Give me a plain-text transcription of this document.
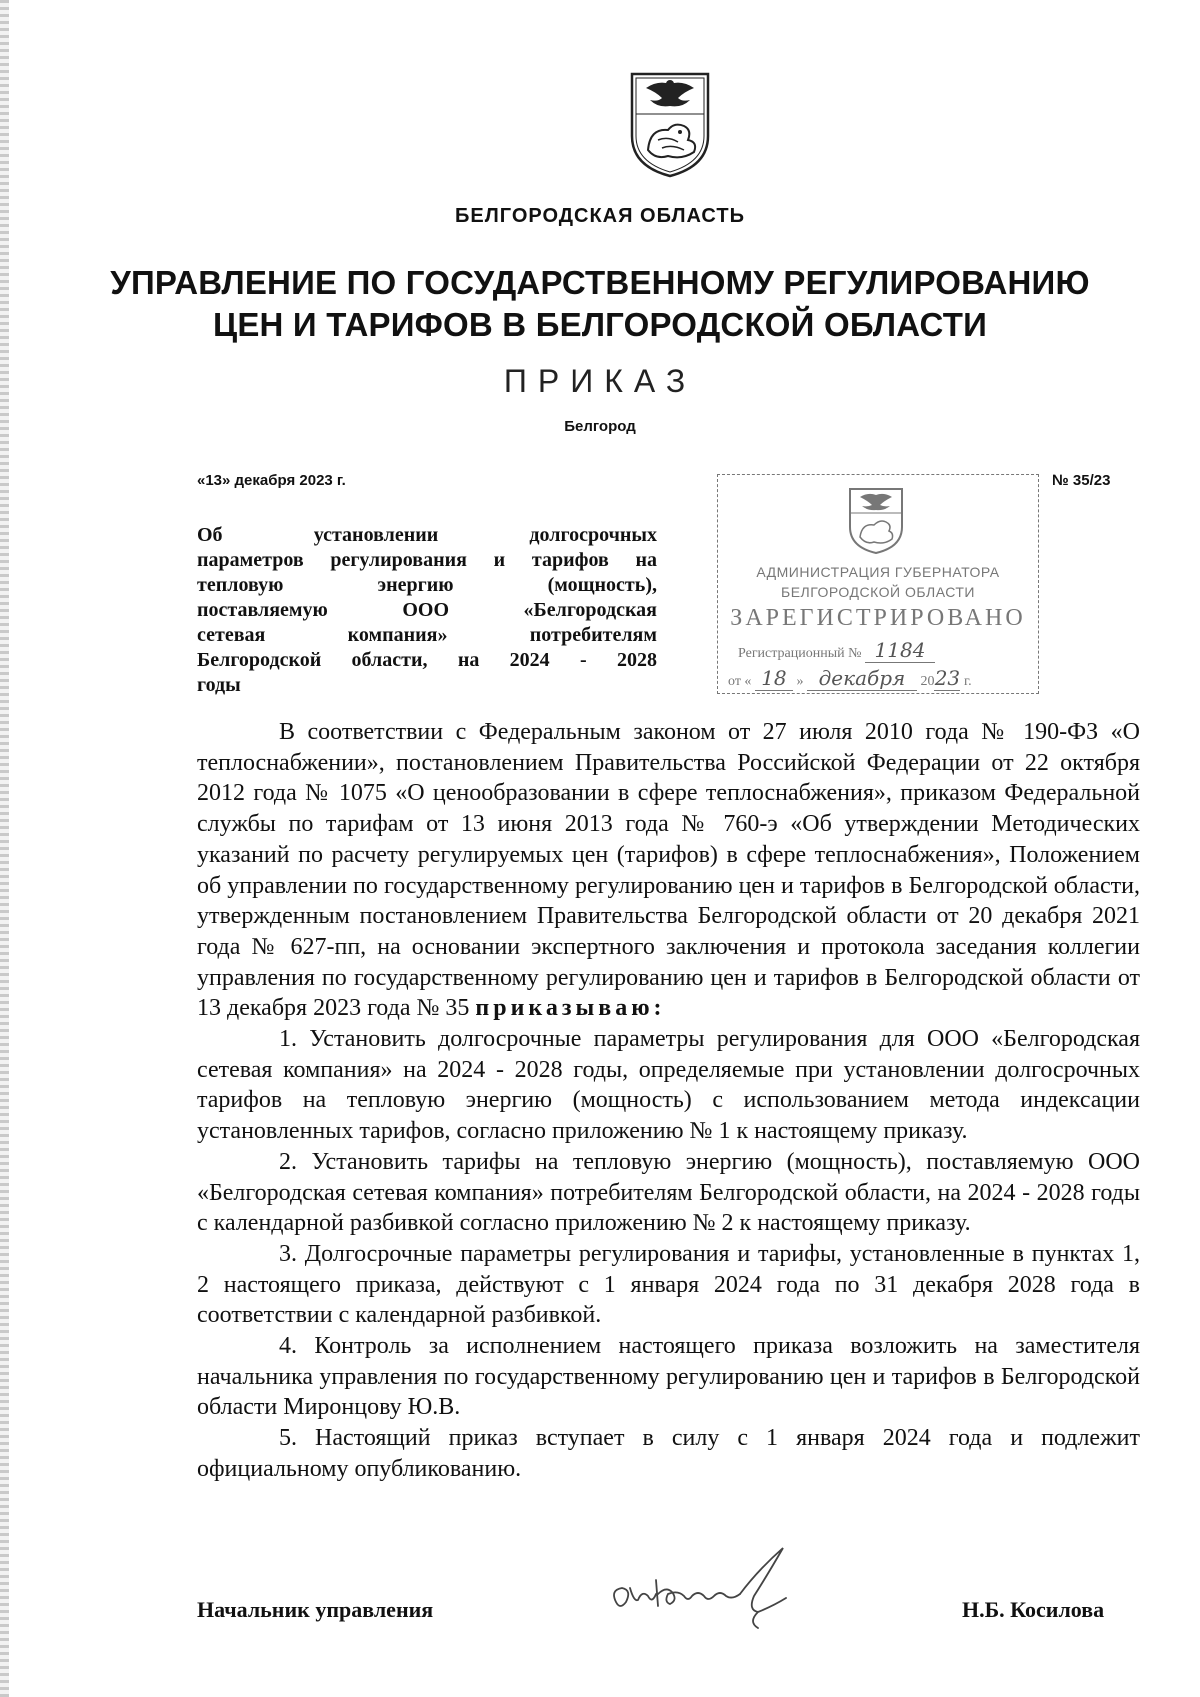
БЕЛГОРОДСКАЯ ОБЛАСТЬ
УПРАВЛЕНИЕ ПО ГОСУДАРСТВЕННОМУ РЕГУЛИРОВАНИЮ
ЦЕН И ТАРИФОВ В БЕЛГОРОДСКОЙ ОБЛАСТИ
ПРИКАЗ
Белгород
«13» декабря 2023 г.	№ 35/23
АДМИНИСТРАЦИЯ ГУБЕРНАТОРА
БЕЛГОРОДСКОЙ ОБЛАСТИ
ЗАРЕГИСТРИРОВАНО
Регистрационный № 1184
от « 18 » декабря 2023 г.
Об установлении долгосрочных
параметров регулирования и тарифов на
тепловую энергию (мощность),
поставляемую ООО «Белгородская
сетевая компания» потребителям
Белгородской области, на 2024 - 2028
годы

В соответствии с Федеральным законом от 27 июля 2010 года № 190-ФЗ «О теплоснабжении», постановлением Правительства Российской Федерации от 22 октября 2012 года № 1075 «О ценообразовании в сфере теплоснабжения», приказом Федеральной службы по тарифам от 13 июня 2013 года № 760-э «Об утверждении Методических указаний по расчету регулируемых цен (тарифов) в сфере теплоснабжения», Положением об управлении по государственному регулированию цен и тарифов в Белгородской области, утвержденным постановлением Правительства Белгородской области от 20 декабря 2021 года № 627-пп, на основании экспертного заключения и протокола заседания коллегии управления по государственному регулированию цен и тарифов в Белгородской области от 13 декабря 2023 года № 35 приказываю:

1. Установить долгосрочные параметры регулирования для ООО «Белгородская сетевая компания» на 2024 - 2028 годы, определяемые при установлении долгосрочных тарифов на тепловую энергию (мощность) с использованием метода индексации установленных тарифов, согласно приложению № 1 к настоящему приказу.

2. Установить тарифы на тепловую энергию (мощность), поставляемую ООО «Белгородская сетевая компания» потребителям Белгородской области, на 2024 - 2028 годы с календарной разбивкой согласно приложению № 2 к настоящему приказу.

3. Долгосрочные параметры регулирования и тарифы, установленные в пунктах 1, 2 настоящего приказа, действуют с 1 января 2024 года по 31 декабря 2028 года в соответствии с календарной разбивкой.

4. Контроль за исполнением настоящего приказа возложить на заместителя начальника управления по государственному регулированию цен и тарифов в Белгородской области Миронцову Ю.В.

5. Настоящий приказ вступает в силу с 1 января 2024 года и подлежит официальному опубликованию.

Начальник управления	Н.Б. Косилова
